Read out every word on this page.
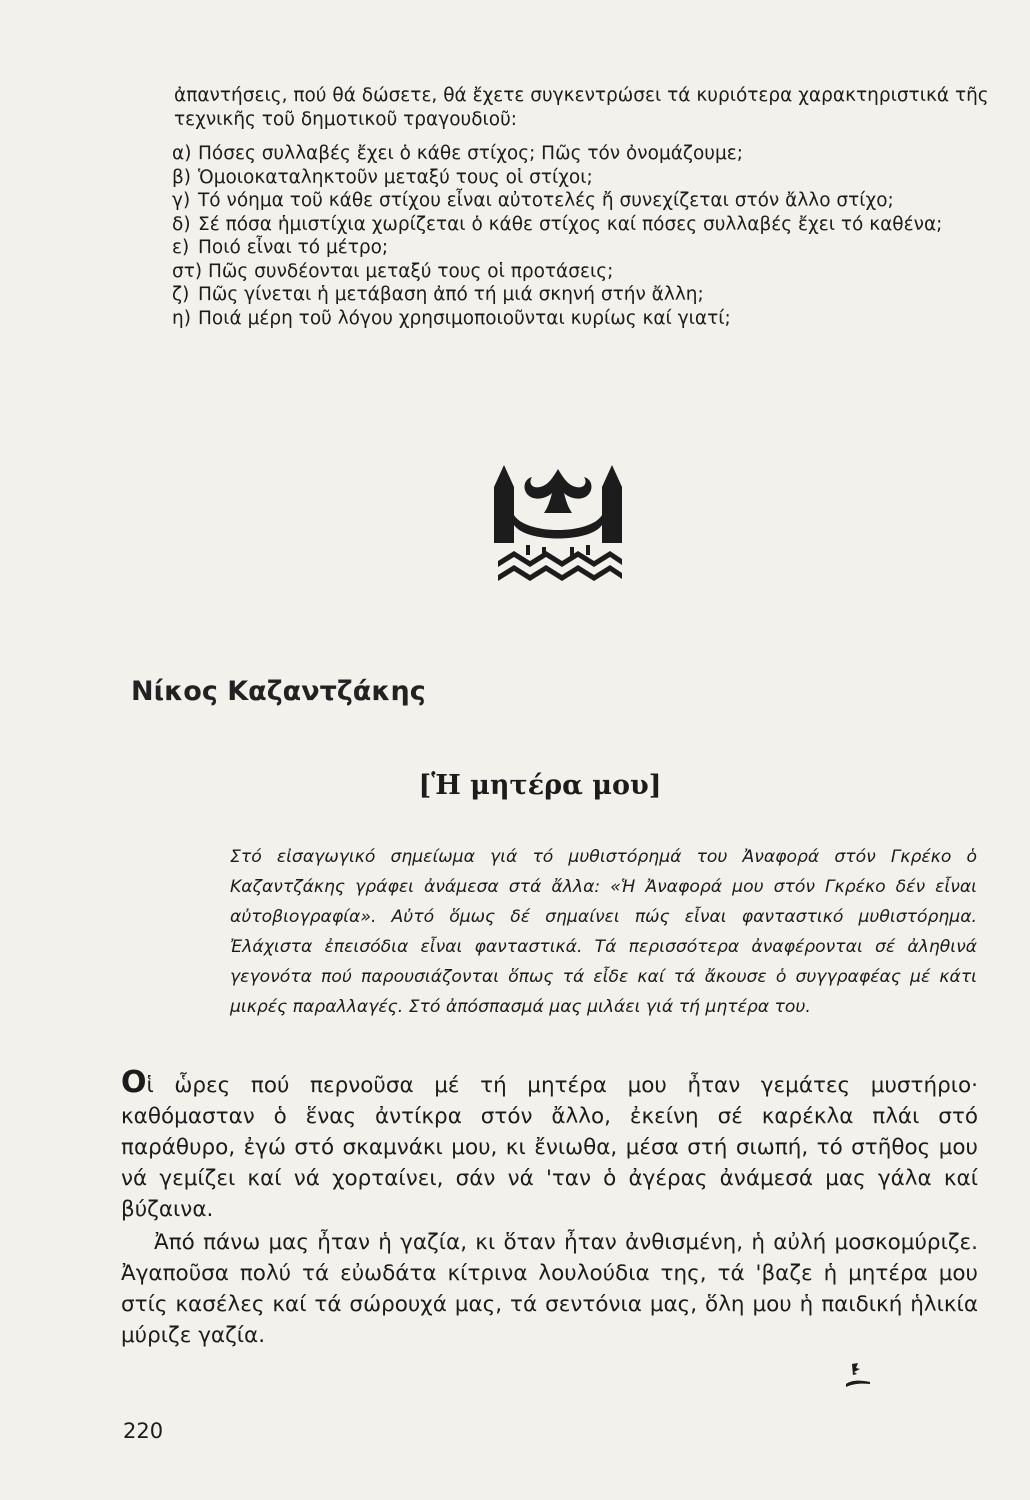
ἀπαντήσεις, πού θά δώσετε, θά ἔχετε συγκεντρώσει τά κυριότερα χαρακτηριστικά τῆς τεχνικῆς τοῦ δημοτικοῦ τραγουδιοῦ:

α) Πόσες συλλαβές ἔχει ὁ κάθε στίχος; Πῶς τόν ὀνομάζουμε;
β) Ὁμοιοκαταληκτοῦν μεταξύ τους οἱ στίχοι;
γ) Τό νόημα τοῦ κάθε στίχου εἶναι αὐτοτελές ἤ συνεχίζεται στόν ἄλλο στίχο;
δ) Σέ πόσα ἡμιστίχια χωρίζεται ὁ κάθε στίχος καί πόσες συλλαβές ἔχει τό καθένα;
ε) Ποιό εἶναι τό μέτρο;
στ) Πῶς συνδέονται μεταξύ τους οἱ προτάσεις;
ζ) Πῶς γίνεται ἡ μετάβαση ἀπό τή μιά σκηνή στήν ἄλλη;
η) Ποιά μέρη τοῦ λόγου χρησιμοποιοῦνται κυρίως καί γιατί;
Νίκος Καζαντζάκης
[Ἡ μητέρα μου]

Στό εἰσαγωγικό σημείωμα γιά τό μυθιστόρημά του Ἀναφορά στόν Γκρέκο ὁ Καζαντζάκης γράφει ἀνάμεσα στά ἄλλα: «Ἡ Ἀναφορά μου στόν Γκρέκο δέν εἶναι αὐτοβιογραφία». Αὐτό ὅμως δέ σημαίνει πώς εἶναι φανταστικό μυθιστόρημα. Ἐλάχιστα ἐπεισόδια εἶναι φανταστικά. Τά περισσότερα ἀναφέρονται σέ ἀληθινά γεγονότα πού παρουσιάζονται ὅπως τά εἶδε καί τά ἄκουσε ὁ συγγραφέας μέ κάτι μικρές παραλλαγές. Στό ἀπόσπασμά μας μιλάει γιά τή μητέρα του.

Οἱ ὧρες πού περνοῦσα μέ τή μητέρα μου ἦταν γεμάτες μυστήριο· καθόμασταν ὁ ἕνας ἀντίκρα στόν ἄλλο, ἐκείνη σέ καρέκλα πλάι στό παράθυρο, ἐγώ στό σκαμνάκι μου, κι ἔνιωθα, μέσα στή σιωπή, τό στῆθος μου νά γεμίζει καί νά χορταίνει, σάν νά 'ταν ὁ ἀγέρας ἀνάμεσά μας γάλα καί βύζαινα.

Ἀπό πάνω μας ἦταν ἡ γαζία, κι ὅταν ἦταν ἀνθισμένη, ἡ αὐλή μοσκομύριζε. Ἀγαποῦσα πολύ τά εὐωδάτα κίτρινα λουλούδια της, τά 'βαζε ἡ μητέρα μου στίς κασέλες καί τά σώρουχά μας, τά σεντόνια μας, ὅλη μου ἡ παιδική ἡλικία μύριζε γαζία.

220
